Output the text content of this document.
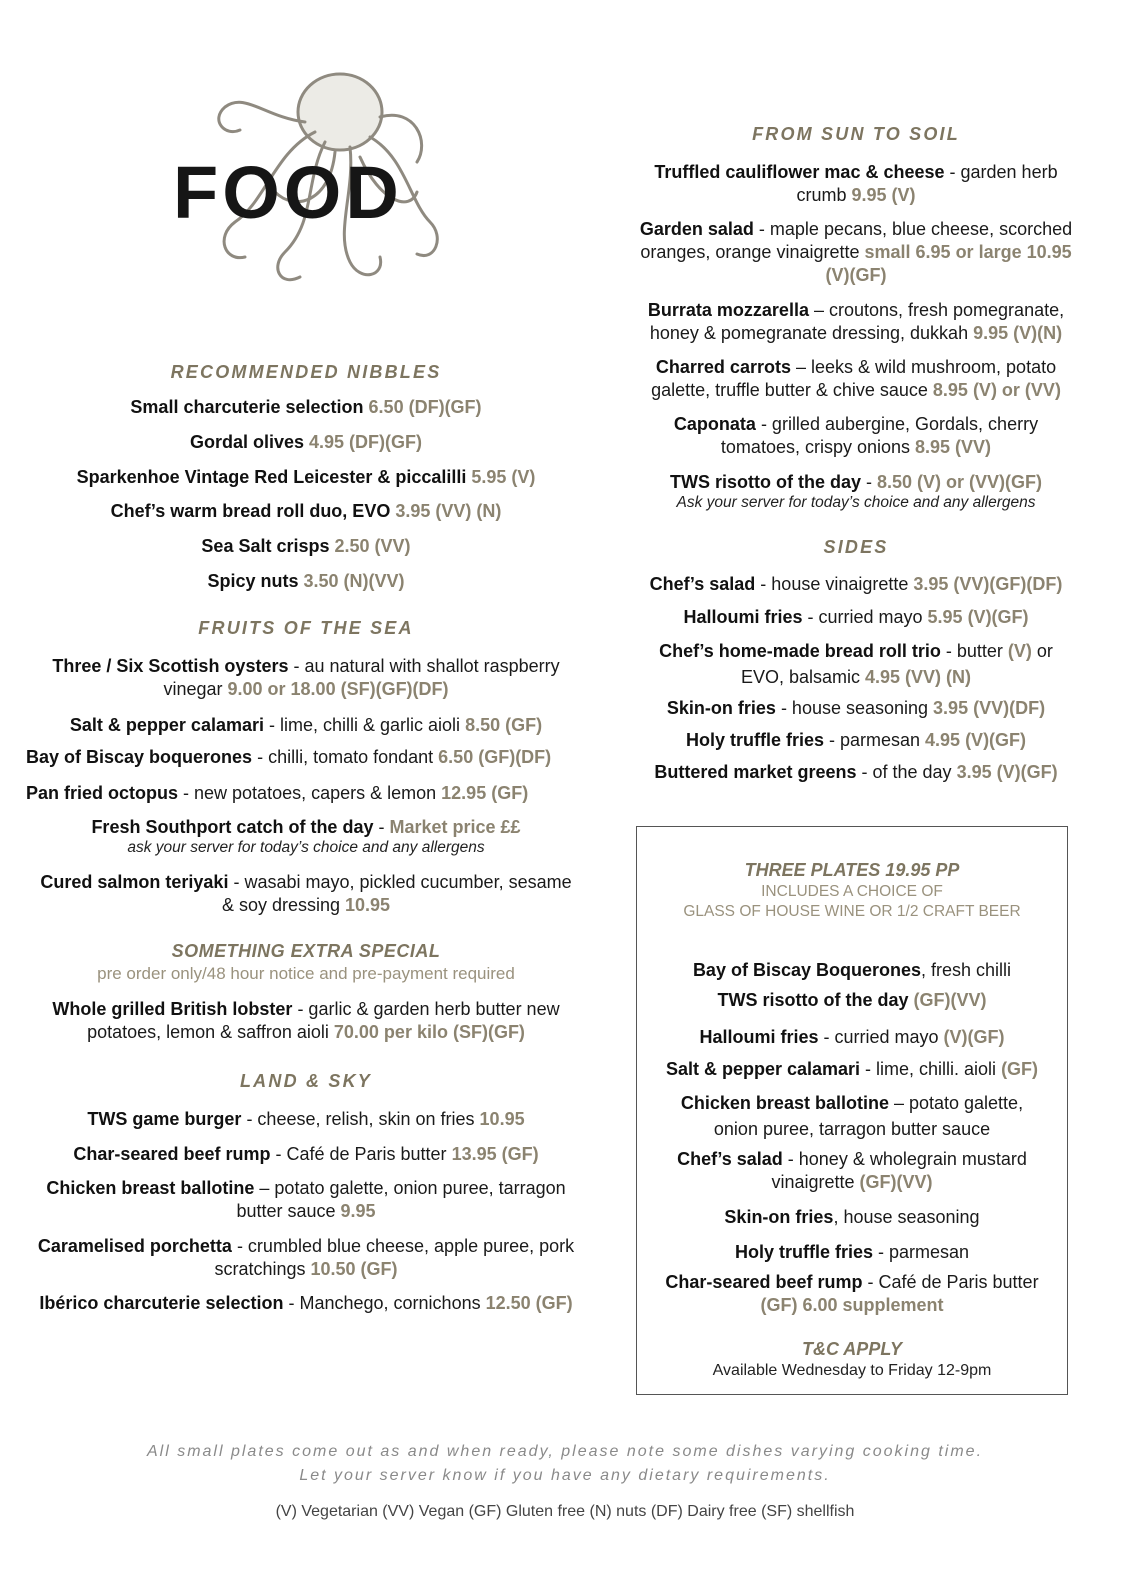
FOOD
RECOMMENDED NIBBLES
Small charcuterie selection 6.50 (DF)(GF)
Gordal olives 4.95 (DF)(GF)
Sparkenhoe Vintage Red Leicester & piccalilli 5.95 (V)
Chef’s warm bread roll duo, EVO 3.95 (VV) (N)
Sea Salt crisps 2.50 (VV)
Spicy nuts 3.50 (N)(VV)
FRUITS OF THE SEA
Three / Six Scottish oysters - au natural with shallot raspberry vinegar 9.00 or 18.00 (SF)(GF)(DF)
Salt & pepper calamari - lime, chilli & garlic aioli 8.50 (GF)
Bay of Biscay boquerones - chilli, tomato fondant 6.50 (GF)(DF)
Pan fried octopus - new potatoes, capers & lemon 12.95 (GF)
Fresh Southport catch of the day - Market price ££
ask your server for today’s choice and any allergens
Cured salmon teriyaki - wasabi mayo, pickled cucumber, sesame & soy dressing 10.95
SOMETHING EXTRA SPECIAL
pre order only/48 hour notice and pre-payment required
Whole grilled British lobster - garlic & garden herb butter new potatoes, lemon & saffron aioli 70.00 per kilo (SF)(GF)
LAND & SKY
TWS game burger - cheese, relish, skin on fries 10.95
Char-seared beef rump - Café de Paris butter 13.95 (GF)
Chicken breast ballotine – potato galette, onion puree, tarragon butter sauce 9.95
Caramelised porchetta - crumbled blue cheese, apple puree, pork scratchings 10.50 (GF)
Ibérico charcuterie selection - Manchego, cornichons 12.50 (GF)
FROM SUN TO SOIL
Truffled cauliflower mac & cheese - garden herb crumb 9.95 (V)
Garden salad - maple pecans, blue cheese, scorched oranges, orange vinaigrette small 6.95 or large 10.95 (V)(GF)
Burrata mozzarella – croutons, fresh pomegranate, honey & pomegranate dressing, dukkah 9.95 (V)(N)
Charred carrots – leeks & wild mushroom, potato galette, truffle butter & chive sauce 8.95 (V) or (VV)
Caponata - grilled aubergine, Gordals, cherry tomatoes, crispy onions 8.95 (VV)
TWS risotto of the day - 8.50 (V) or (VV)(GF)
Ask your server for today’s choice and any allergens
SIDES
Chef’s salad - house vinaigrette 3.95 (VV)(GF)(DF)
Halloumi fries - curried mayo 5.95 (V)(GF)
Chef’s home-made bread roll trio - butter (V) or EVO, balsamic 4.95 (VV) (N)
Skin-on fries - house seasoning 3.95 (VV)(DF)
Holy truffle fries - parmesan 4.95 (V)(GF)
Buttered market greens - of the day 3.95 (V)(GF)
THREE PLATES 19.95 PP
INCLUDES A CHOICE OF
GLASS OF HOUSE WINE OR 1/2 CRAFT BEER
Bay of Biscay Boquerones, fresh chilli
TWS risotto of the day (GF)(VV)
Halloumi fries - curried mayo (V)(GF)
Salt & pepper calamari - lime, chilli. aioli (GF)
Chicken breast ballotine – potato galette, onion puree, tarragon butter sauce
Chef’s salad - honey & wholegrain mustard vinaigrette (GF)(VV)
Skin-on fries, house seasoning
Holy truffle fries - parmesan
Char-seared beef rump - Café de Paris butter (GF) 6.00 supplement
T&C APPLY
Available Wednesday to Friday 12-9pm
All small plates come out as and when ready, please note some dishes varying cooking time.
Let your server know if you have any dietary requirements.
(V) Vegetarian (VV) Vegan (GF) Gluten free (N) nuts (DF) Dairy free (SF) shellfish
